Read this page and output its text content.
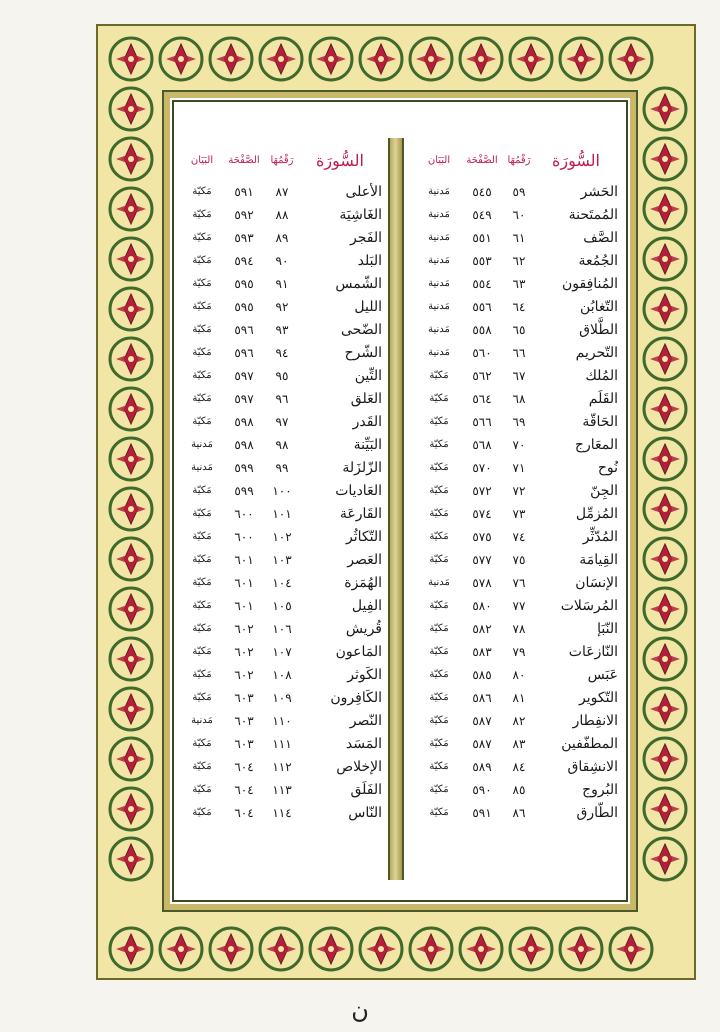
السُّورَة	رَقْمُهَا	الصَّفْحَة	البَيَان
الحَشر	٥٩	٥٤٥	مَدنية
المُمتَحنة	٦٠	٥٤٩	مَدنية
الصَّف	٦١	٥٥١	مَدنية
الجُمُعة	٦٢	٥٥٣	مَدنية
المُنافِقون	٦٣	٥٥٤	مَدنية
التّغابُن	٦٤	٥٥٦	مَدنية
الطَّلاق	٦٥	٥٥٨	مَدنية
التّحريم	٦٦	٥٦٠	مَدنية
المُلك	٦٧	٥٦٢	مَكيّة
القَلَم	٦٨	٥٦٤	مَكيّة
الحَاقّة	٦٩	٥٦٦	مَكيّة
المعَارج	٧٠	٥٦٨	مَكيّة
نُوح	٧١	٥٧٠	مَكيّة
الجِنّ	٧٢	٥٧٢	مَكيّة
المُزمِّل	٧٣	٥٧٤	مَكيّة
المُدّثِّر	٧٤	٥٧٥	مَكيّة
القِيامَة	٧٥	٥٧٧	مَكيّة
الإنسَان	٧٦	٥٧٨	مَدنية
المُرسَلات	٧٧	٥٨٠	مَكيّة
النّبَإ	٧٨	٥٨٢	مَكيّة
النّازعَات	٧٩	٥٨٣	مَكيّة
عَبَس	٨٠	٥٨٥	مَكيّة
التّكوير	٨١	٥٨٦	مَكيّة
الانفِطار	٨٢	٥٨٧	مَكيّة
المطفّفين	٨٣	٥٨٧	مَكيّة
الانشِقاق	٨٤	٥٨٩	مَكيّة
البُروج	٨٥	٥٩٠	مَكيّة
الطّارق	٨٦	٥٩١	مَكيّة
السُّورَة	رَقْمُهَا	الصَّفْحَة	البَيَان
الأعلى	٨٧	٥٩١	مَكيّة
الغَاشِيَة	٨٨	٥٩٢	مَكيّة
الفَجر	٨٩	٥٩٣	مَكيّة
البَلد	٩٠	٥٩٤	مَكيّة
الشّمس	٩١	٥٩٥	مَكيّة
الليل	٩٢	٥٩٥	مَكيّة
الضّحى	٩٣	٥٩٦	مَكيّة
الشّرح	٩٤	٥٩٦	مَكيّة
التِّين	٩٥	٥٩٧	مَكيّة
العَلق	٩٦	٥٩٧	مَكيّة
القَدر	٩٧	٥٩٨	مَكيّة
البَيِّنة	٩٨	٥٩٨	مَدنية
الزّلزَلة	٩٩	٥٩٩	مَدنية
العَاديات	١٠٠	٥٩٩	مَكيّة
القَارعَة	١٠١	٦٠٠	مَكيّة
التّكاثُر	١٠٢	٦٠٠	مَكيّة
العَصر	١٠٣	٦٠١	مَكيّة
الهُمَزة	١٠٤	٦٠١	مَكيّة
الفِيل	١٠٥	٦٠١	مَكيّة
قُريش	١٠٦	٦٠٢	مَكيّة
المَاعون	١٠٧	٦٠٢	مَكيّة
الكَوثر	١٠٨	٦٠٢	مَكيّة
الكَافِرون	١٠٩	٦٠٣	مَكيّة
النّصر	١١٠	٦٠٣	مَدنية
المَسَد	١١١	٦٠٣	مَكيّة
الإخلاص	١١٢	٦٠٤	مَكيّة
الفَلَق	١١٣	٦٠٤	مَكيّة
النّاس	١١٤	٦٠٤	مَكيّة
ن
